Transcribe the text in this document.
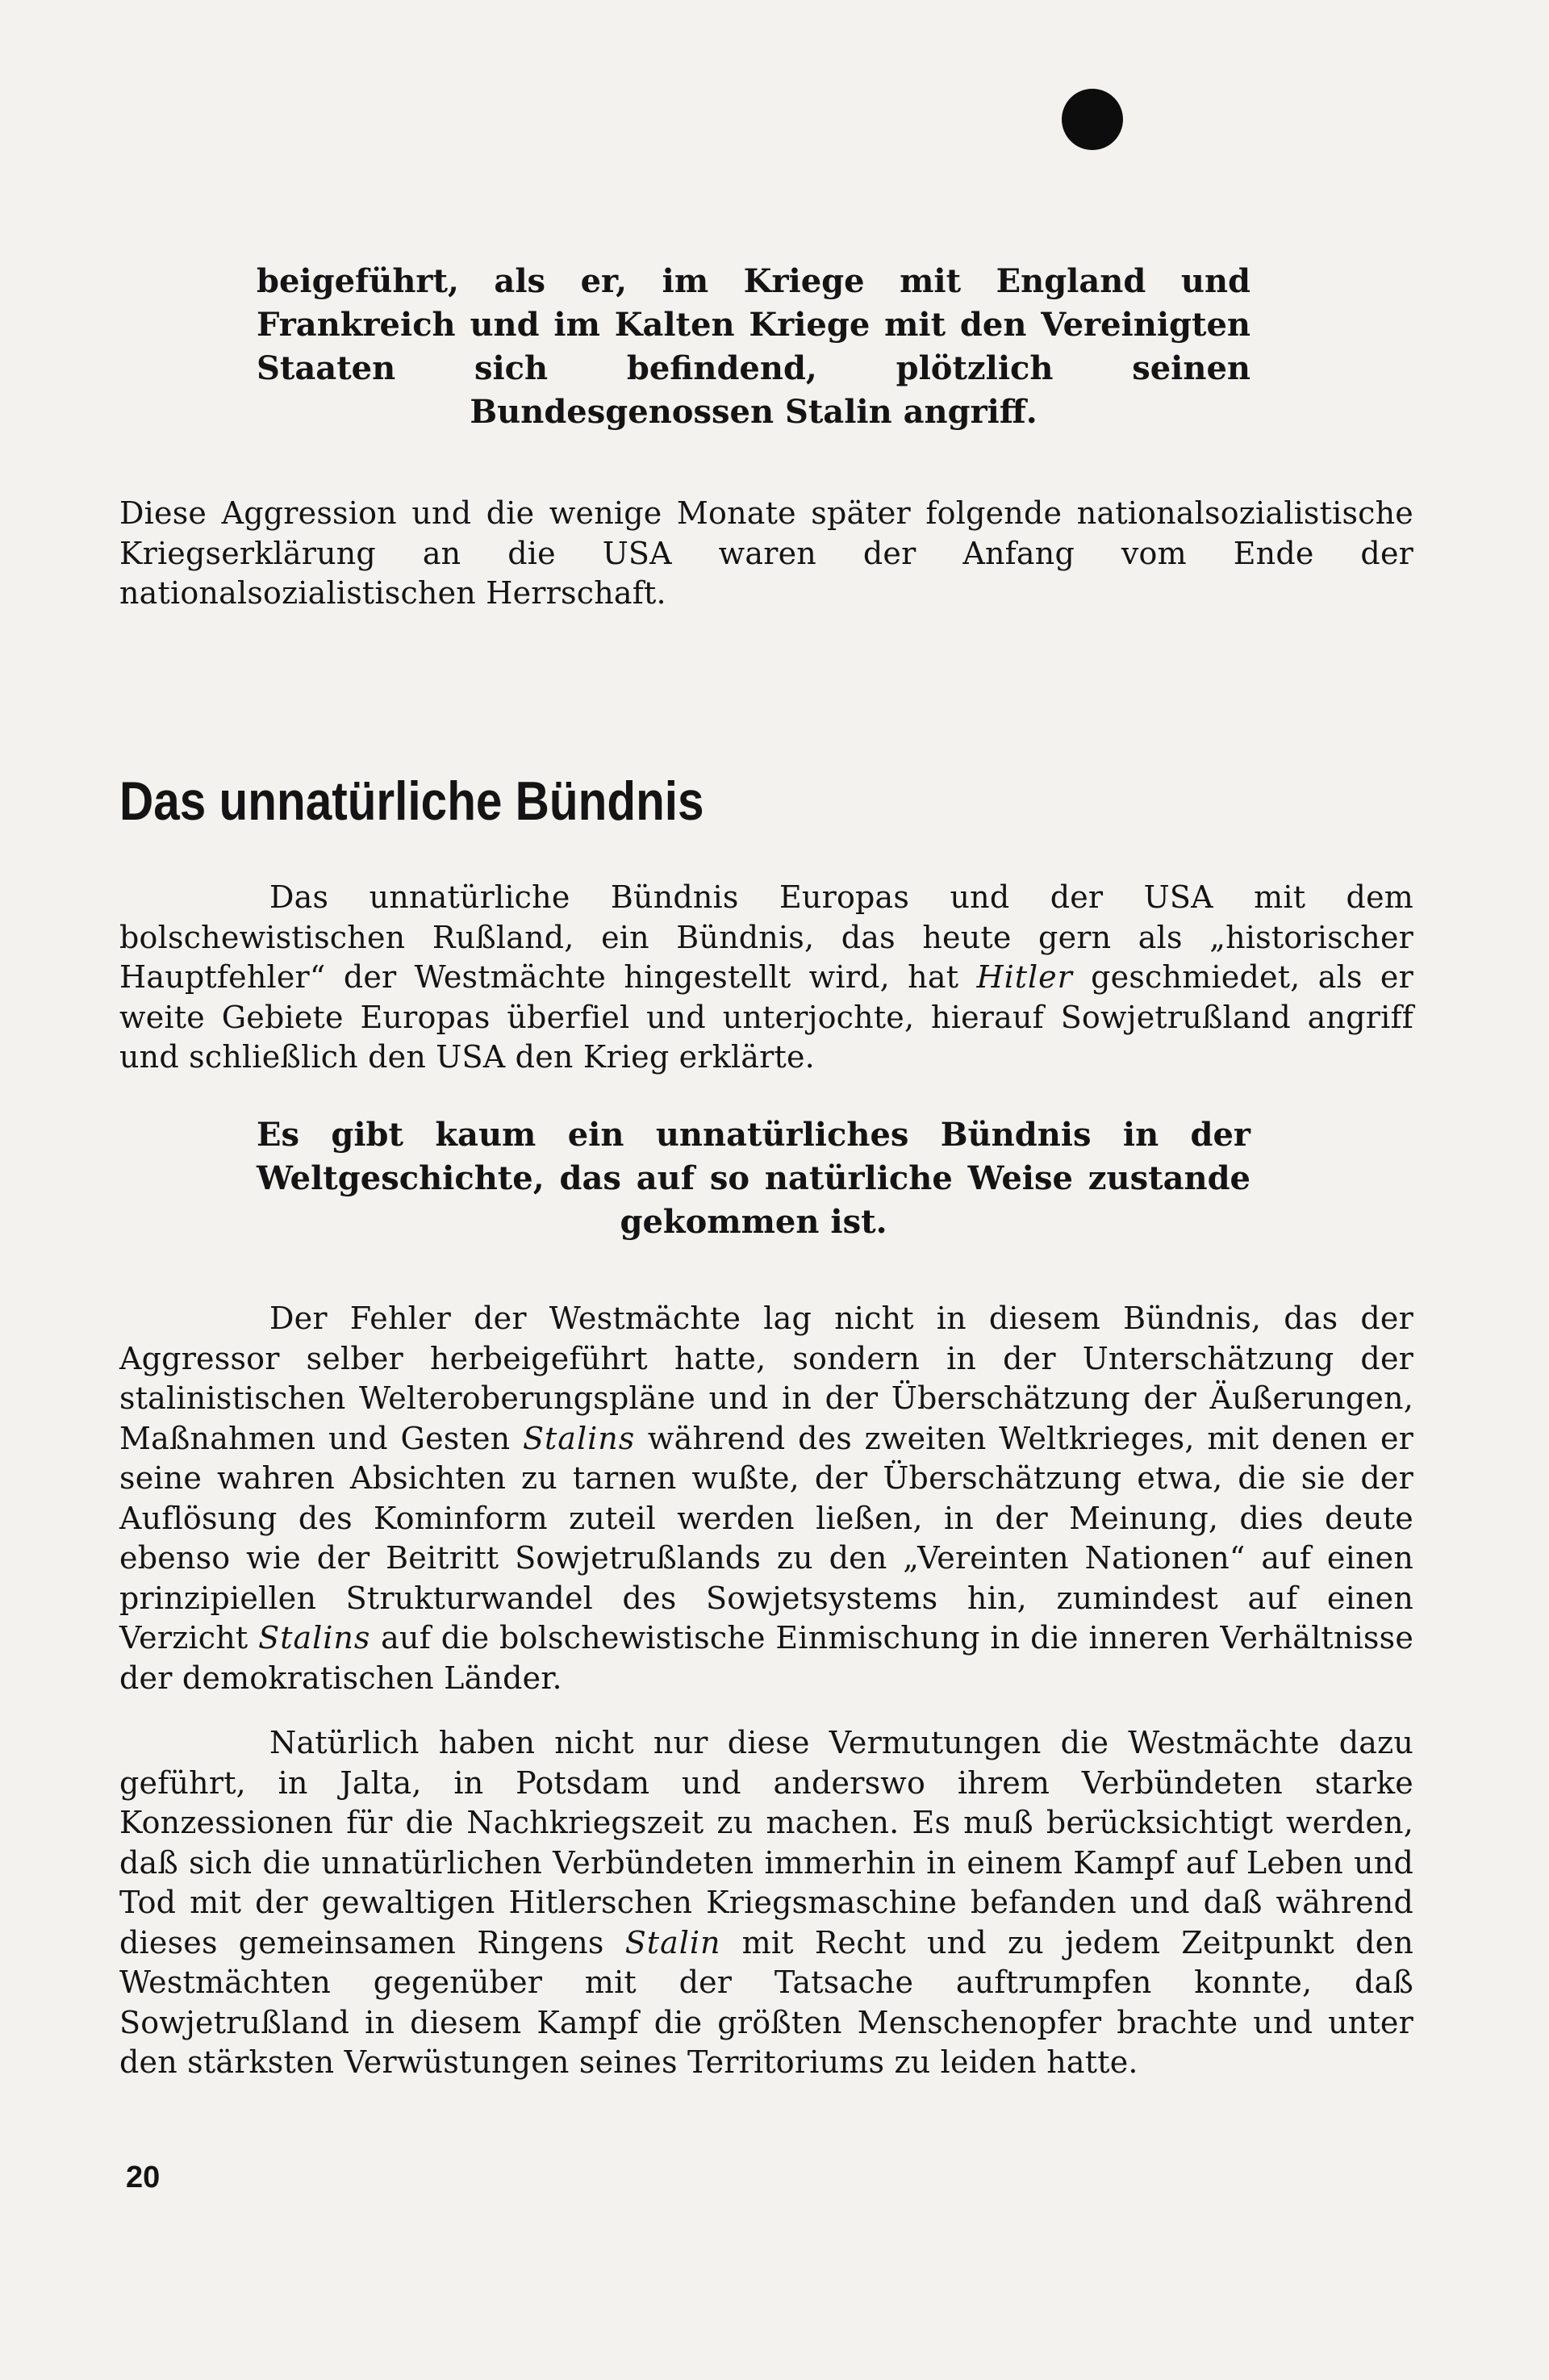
beigeführt, als er, im Kriege mit England und Frankreich und im Kalten Kriege mit den Vereinigten Staaten sich befindend, plötzlich seinen Bundesgenossen Stalin angriff.

Diese Aggression und die wenige Monate später folgende nationalsozialistische Kriegserklärung an die USA waren der Anfang vom Ende der nationalsozialistischen Herrschaft.

Das unnatürliche Bündnis

Das unnatürliche Bündnis Europas und der USA mit dem bolschewistischen Rußland, ein Bündnis, das heute gern als „historischer Hauptfehler“ der Westmächte hingestellt wird, hat Hitler geschmiedet, als er weite Gebiete Europas überfiel und unterjochte, hierauf Sowjetrußland angriff und schließlich den USA den Krieg erklärte.

Es gibt kaum ein unnatürliches Bündnis in der Weltgeschichte, das auf so natürliche Weise zustande gekommen ist.

Der Fehler der Westmächte lag nicht in diesem Bündnis, das der Aggressor selber herbeigeführt hatte, sondern in der Unterschätzung der stalinistischen Welteroberungspläne und in der Überschätzung der Äußerungen, Maßnahmen und Gesten Stalins während des zweiten Weltkrieges, mit denen er seine wahren Absichten zu tarnen wußte, der Überschätzung etwa, die sie der Auflösung des Kominform zuteil werden ließen, in der Meinung, dies deute ebenso wie der Beitritt Sowjetrußlands zu den „Vereinten Nationen“ auf einen prinzipiellen Strukturwandel des Sowjetsystems hin, zumindest auf einen Verzicht Stalins auf die bolschewistische Einmischung in die inneren Verhältnisse der demokratischen Länder.

Natürlich haben nicht nur diese Vermutungen die Westmächte dazu geführt, in Jalta, in Potsdam und anderswo ihrem Verbündeten starke Konzessionen für die Nachkriegszeit zu machen. Es muß berücksichtigt werden, daß sich die unnatürlichen Verbündeten immerhin in einem Kampf auf Leben und Tod mit der gewaltigen Hitlerschen Kriegsmaschine befanden und daß während dieses gemeinsamen Ringens Stalin mit Recht und zu jedem Zeitpunkt den Westmächten gegenüber mit der Tatsache auftrumpfen konnte, daß Sowjetrußland in diesem Kampf die größten Menschenopfer brachte und unter den stärksten Verwüstungen seines Territoriums zu leiden hatte.

20
